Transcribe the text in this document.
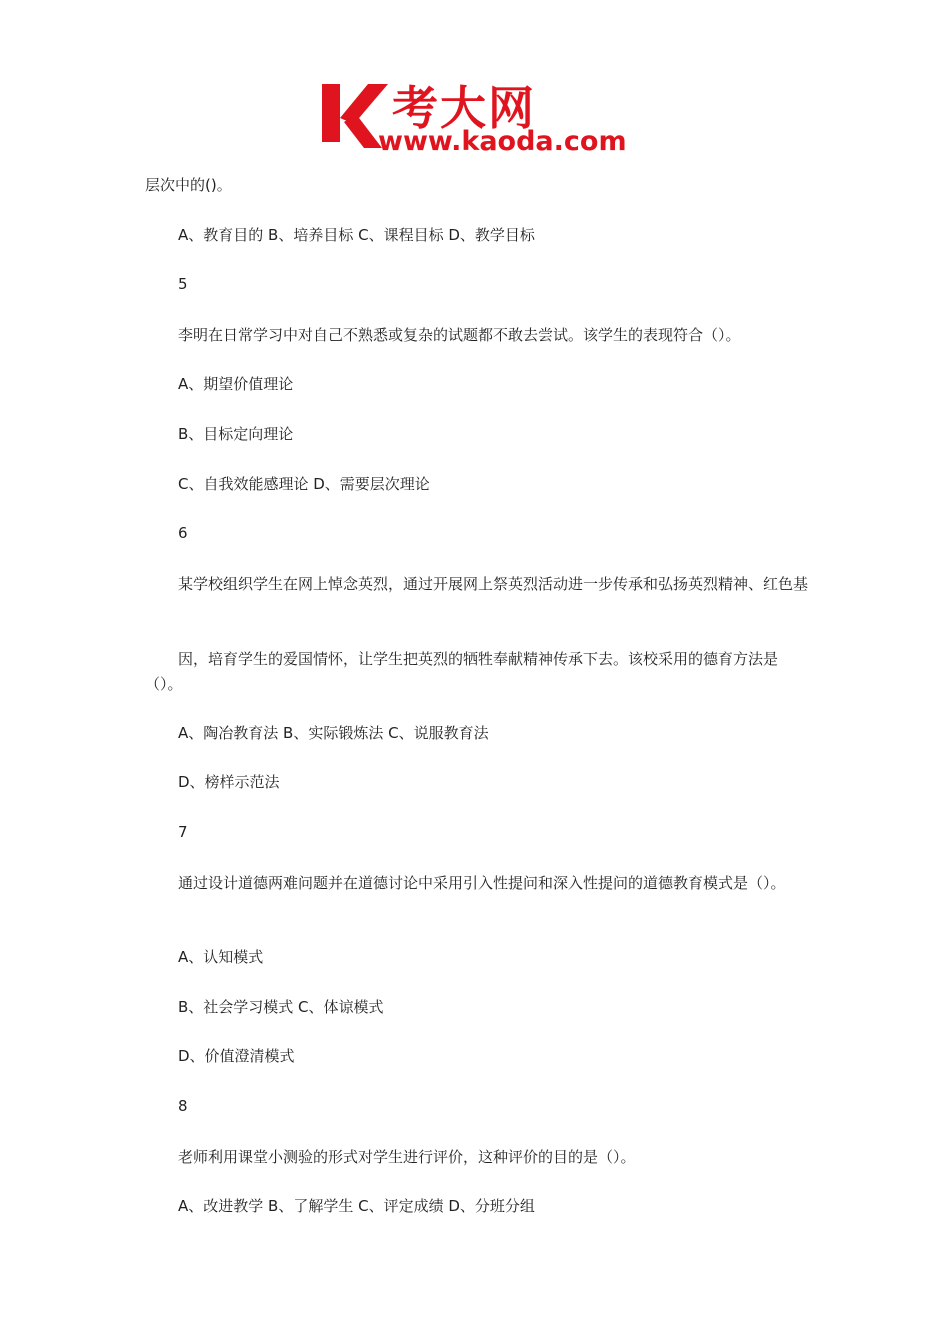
考大网
www.kaoda.com
层次中的()。
A、教育目的 B、培养目标 C、课程目标 D、教学目标
5
李明在日常学习中对自己不熟悉或复杂的试题都不敢去尝试。该学生的表现符合（）。
A、期望价值理论
B、目标定向理论
C、自我效能感理论 D、需要层次理论
6
某学校组织学生在网上悼念英烈，通过开展网上祭英烈活动进一步传承和弘扬英烈精神、红色基
因，培育学生的爱国情怀，让学生把英烈的牺牲奉献精神传承下去。该校采用的德育方法是（）。
A、陶冶教育法 B、实际锻炼法 C、说服教育法
D、榜样示范法
7
通过设计道德两难问题并在道德讨论中采用引入性提问和深入性提问的道德教育模式是（）。
A、认知模式
B、社会学习模式 C、体谅模式
D、价值澄清模式
8
老师利用课堂小测验的形式对学生进行评价，这种评价的目的是（）。
A、改进教学 B、了解学生 C、评定成绩 D、分班分组
